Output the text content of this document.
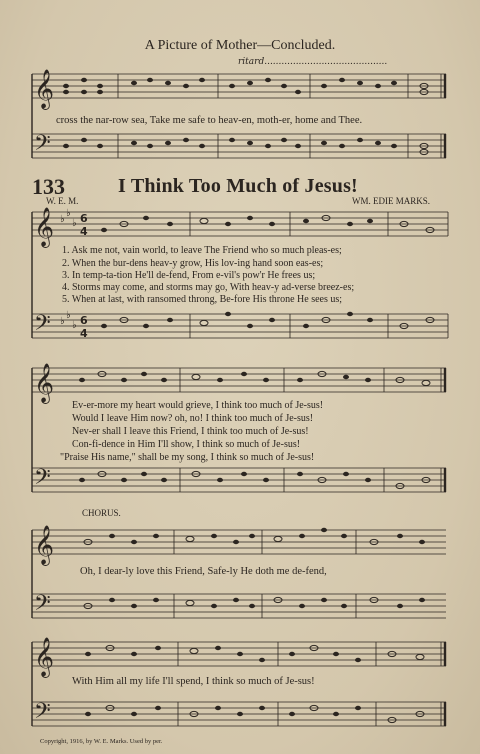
A Picture of Mother—Concluded.
ritard...........................................
𝄞
𝄢
𝄞
𝄢
𝄞
𝄢
𝄞
𝄢
𝄞
𝄢
♭
♭
♭ 6
4
♭
♭
♭ 6
4
cross the nar-row sea, Take me safe to heav-en, moth-er, home and Thee.
133	I Think Too Much of Jesus!
W. E. M.	WM. EDIE MARKS.
1. Ask me not, vain world, to leave The Friend who so much pleas-es;
2. When the bur-dens heav-y grow, His lov-ing hand soon eas-es;
3. In temp-ta-tion He'll de-fend, From e-vil's pow'r He frees us;
4. Storms may come, and storms may go, With heav-y ad-verse breez-es;
5. When at last, with ransomed throng, Be-fore His throne He sees us;
Ev-er-more my heart would grieve, I think too much of Je-sus!
Would I leave Him now? oh, no! I think too much of Je-sus!
Nev-er shall I leave this Friend, I think too much of Je-sus!
Con-fi-dence in Him I'll show, I think so much of Je-sus!
"Praise His name," shall be my song, I think so much of Je-sus!
CHORUS.
Oh, I dear-ly love this Friend, Safe-ly He doth me de-fend,
With Him all my life I'll spend, I think so much of Je-sus!
Copyright, 1916, by W. E. Marks. Used by per.
